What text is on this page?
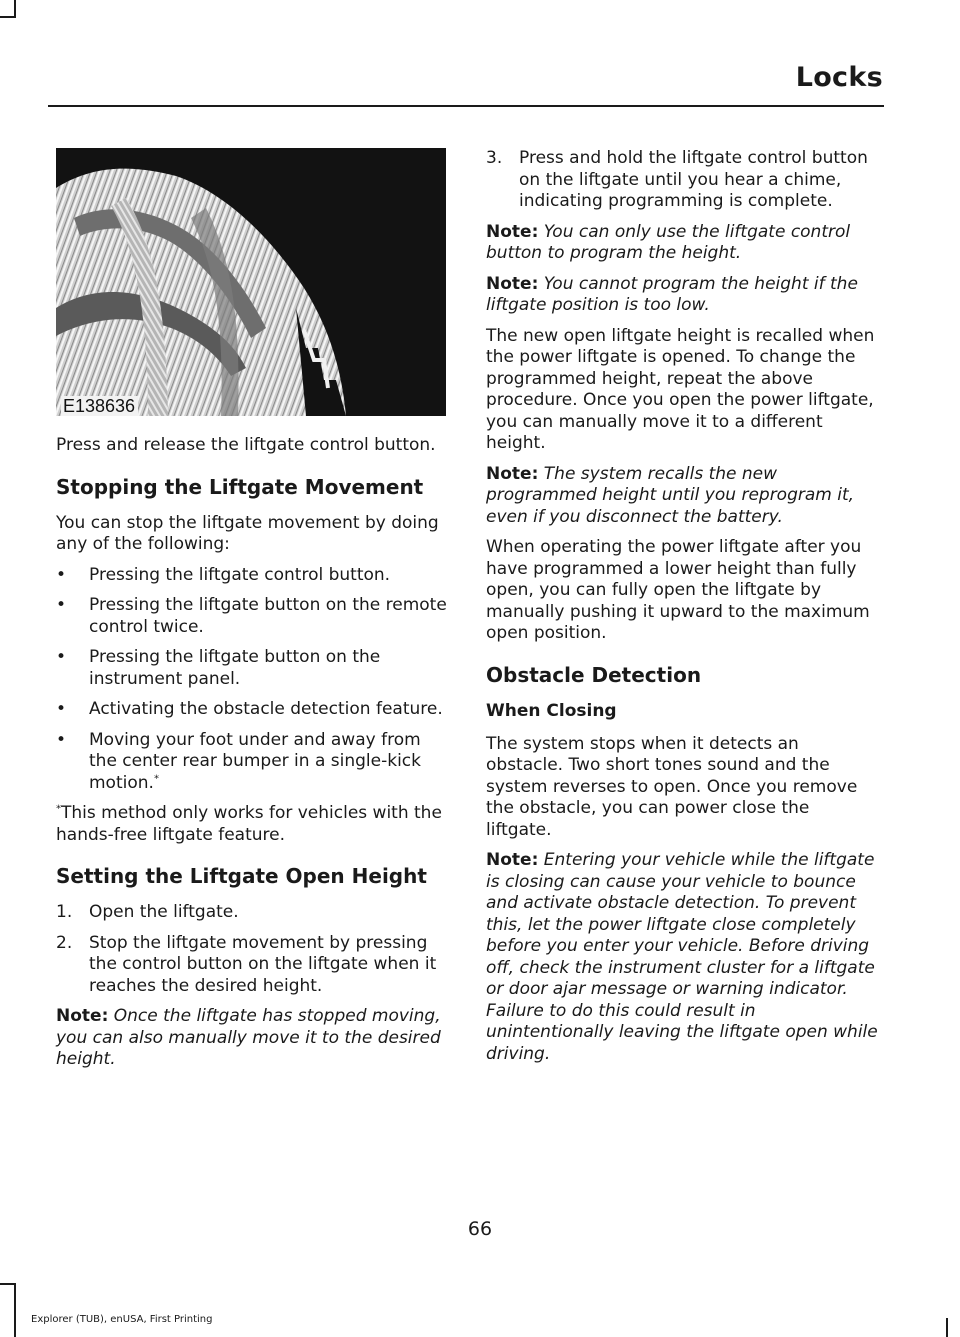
Locks
E138636

Press and release the liftgate control button.

Stopping the Liftgate Movement

You can stop the liftgate movement by doing any of the following:

• Pressing the liftgate control button.
• Pressing the liftgate button on the remote control twice.
• Pressing the liftgate button on the instrument panel.
• Activating the obstacle detection feature.
• Moving your foot under and away from the center rear bumper in a single-kick motion.*

*This method only works for vehicles with the hands-free liftgate feature.

Setting the Liftgate Open Height
1. Open the liftgate.
2. Stop the liftgate movement by pressing the control button on the liftgate when it reaches the desired height.

Note: Once the liftgate has stopped moving, you can also manually move it to the desired height.

3. Press and hold the liftgate control button on the liftgate until you hear a chime, indicating programming is complete.

Note: You can only use the liftgate control button to program the height.

Note: You cannot program the height if the liftgate position is too low.

The new open liftgate height is recalled when the power liftgate is opened. To change the programmed height, repeat the above procedure. Once you open the power liftgate, you can manually move it to a different height.

Note: The system recalls the new programmed height until you reprogram it, even if you disconnect the battery.

When operating the power liftgate after you have programmed a lower height than fully open, you can fully open the liftgate by manually pushing it upward to the maximum open position.

Obstacle Detection
When Closing

The system stops when it detects an obstacle. Two short tones sound and the system reverses to open. Once you remove the obstacle, you can power close the liftgate.

Note: Entering your vehicle while the liftgate is closing can cause your vehicle to bounce and activate obstacle detection. To prevent this, let the power liftgate close completely before you enter your vehicle. Before driving off, check the instrument cluster for a liftgate or door ajar message or warning indicator. Failure to do this could result in unintentionally leaving the liftgate open while driving.

66
Explorer (TUB), enUSA, First Printing
